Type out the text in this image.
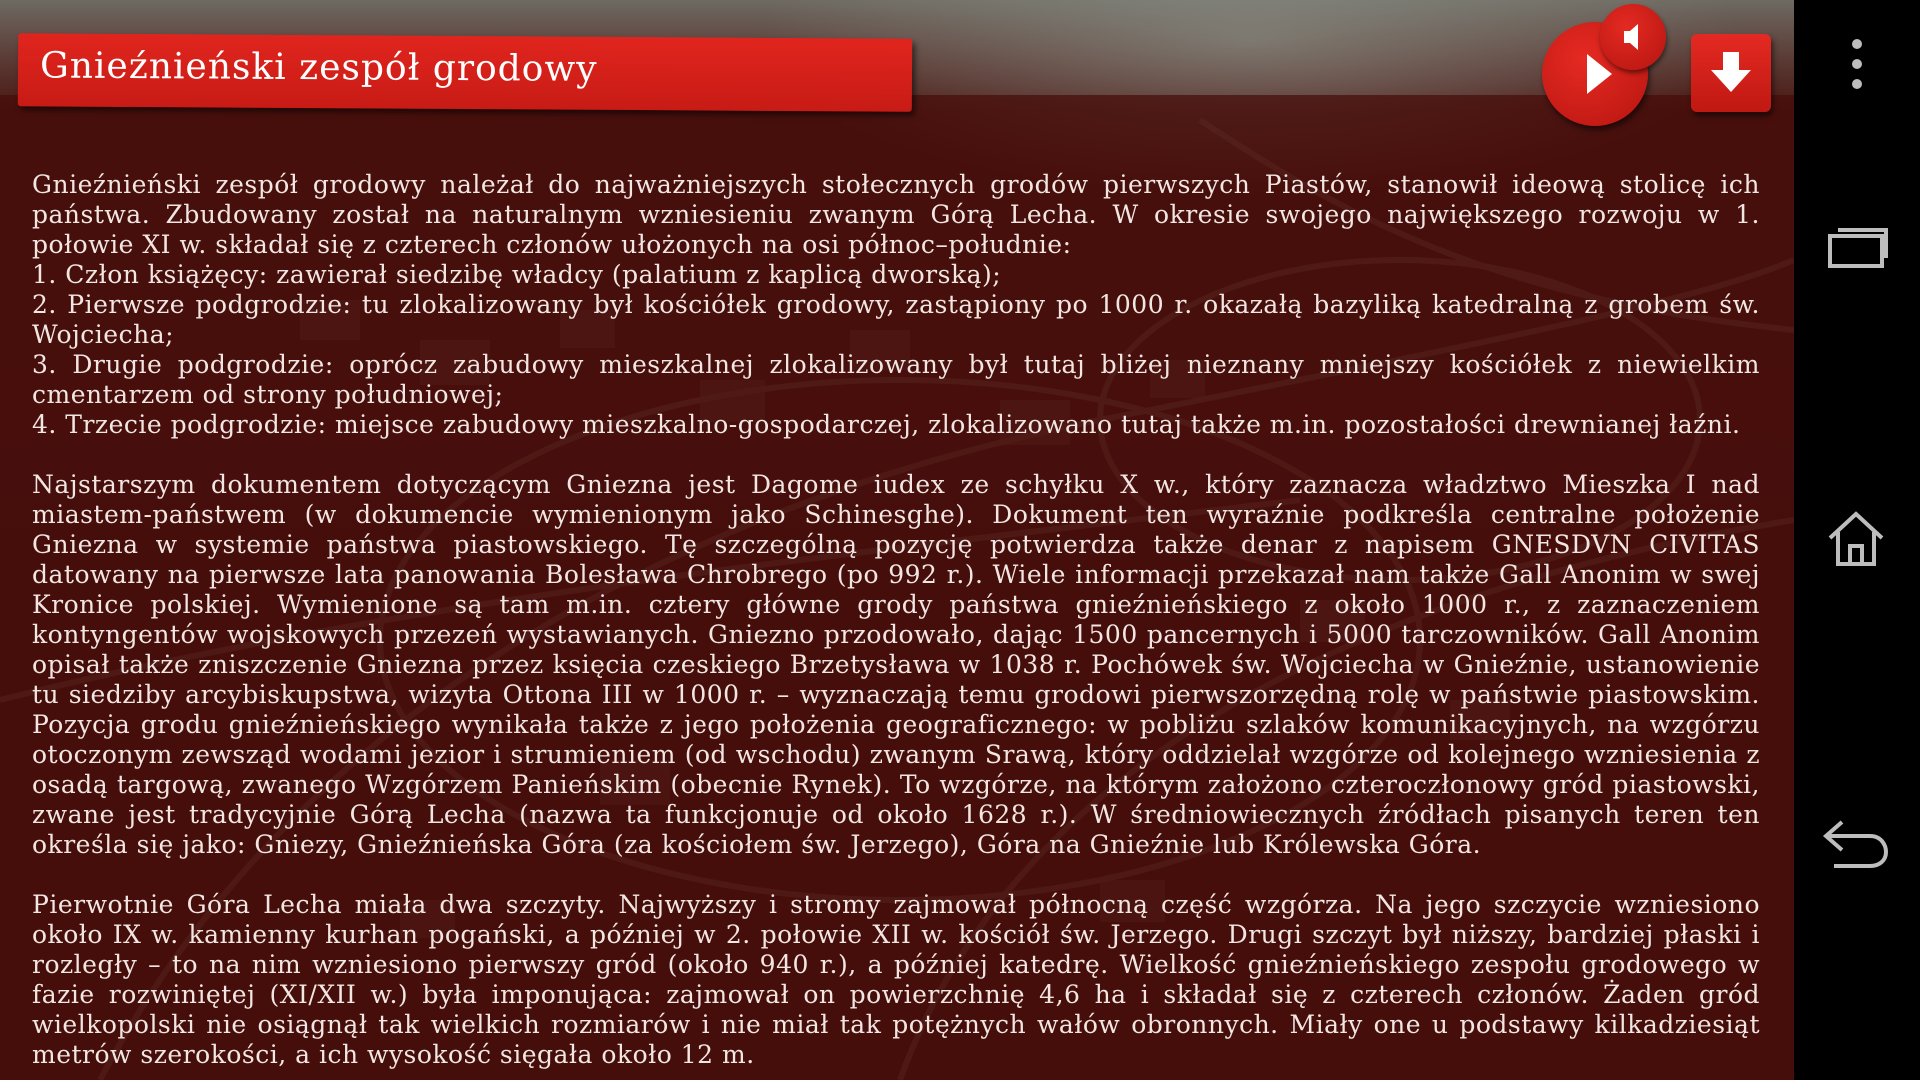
Gnieźnieński zespół grodowy

Gnieźnieński zespół grodowy należał do najważniejszych stołecznych grodów pierwszych Piastów, stanowił ideową stolicę ich państwa. Zbudowany został na naturalnym wzniesieniu zwanym Górą Lecha. W okresie swojego największego rozwoju w 1. połowie XI w. składał się z czterech członów ułożonych na osi północ–południe:
1. Człon książęcy: zawierał siedzibę władcy (palatium z kaplicą dworską);
2. Pierwsze podgrodzie: tu zlokalizowany był kościółek grodowy, zastąpiony po 1000 r. okazałą bazyliką katedralną z grobem św. Wojciecha;
3. Drugie podgrodzie: oprócz zabudowy mieszkalnej zlokalizowany był tutaj bliżej nieznany mniejszy kościółek z niewielkim cmentarzem od strony południowej;
4. Trzecie podgrodzie: miejsce zabudowy mieszkalno-gospodarczej, zlokalizowano tutaj także m.in. pozostałości drewnianej łaźni.

Najstarszym dokumentem dotyczącym Gniezna jest Dagome iudex ze schyłku X w., który zaznacza władztwo Mieszka I nad miastem-państwem (w dokumencie wymienionym jako Schinesghe). Dokument ten wyraźnie podkreśla centralne położenie Gniezna w systemie państwa piastowskiego. Tę szczególną pozycję potwierdza także denar z napisem GNESDVN CIVITAS datowany na pierwsze lata panowania Bolesława Chrobrego (po 992 r.). Wiele informacji przekazał nam także Gall Anonim w swej Kronice polskiej. Wymienione są tam m.in. cztery główne grody państwa gnieźnieńskiego z około 1000 r., z zaznaczeniem kontyngentów wojskowych przezeń wystawianych. Gniezno przodowało, dając 1500 pancernych i 5000 tarczowników. Gall Anonim opisał także zniszczenie Gniezna przez księcia czeskiego Brzetysława w 1038 r. Pochówek św. Wojciecha w Gnieźnie, ustanowienie tu siedziby arcybiskupstwa, wizyta Ottona III w 1000 r. – wyznaczają temu grodowi pierwszorzędną rolę w państwie piastowskim. Pozycja grodu gnieźnieńskiego wynikała także z jego położenia geograficznego: w pobliżu szlaków komunikacyjnych, na wzgórzu otoczonym zewsząd wodami jezior i strumieniem (od wschodu) zwanym Srawą, który oddzielał wzgórze od kolejnego wzniesienia z osadą targową, zwanego Wzgórzem Panieńskim (obecnie Rynek). To wzgórze, na którym założono czteroczłonowy gród piastowski, zwane jest tradycyjnie Górą Lecha (nazwa ta funkcjonuje od około 1628 r.). W średniowiecznych źródłach pisanych teren ten określa się jako: Gniezy, Gnieźnieńska Góra (za kościołem św. Jerzego), Góra na Gnieźnie lub Królewska Góra.

Pierwotnie Góra Lecha miała dwa szczyty. Najwyższy i stromy zajmował północną część wzgórza. Na jego szczycie wzniesiono około IX w. kamienny kurhan pogański, a później w 2. połowie XII w. kościół św. Jerzego. Drugi szczyt był niższy, bardziej płaski i rozległy – to na nim wzniesiono pierwszy gród (około 940 r.), a później katedrę. Wielkość gnieźnieńskiego zespołu grodowego w fazie rozwiniętej (XI/XII w.) była imponująca: zajmował on powierzchnię 4,6 ha i składał się z czterech członów. Żaden gród wielkopolski nie osiągnął tak wielkich rozmiarów i nie miał tak potężnych wałów obronnych. Miały one u podstawy kilkadziesiąt metrów szerokości, a ich wysokość sięgała około 12 m.
